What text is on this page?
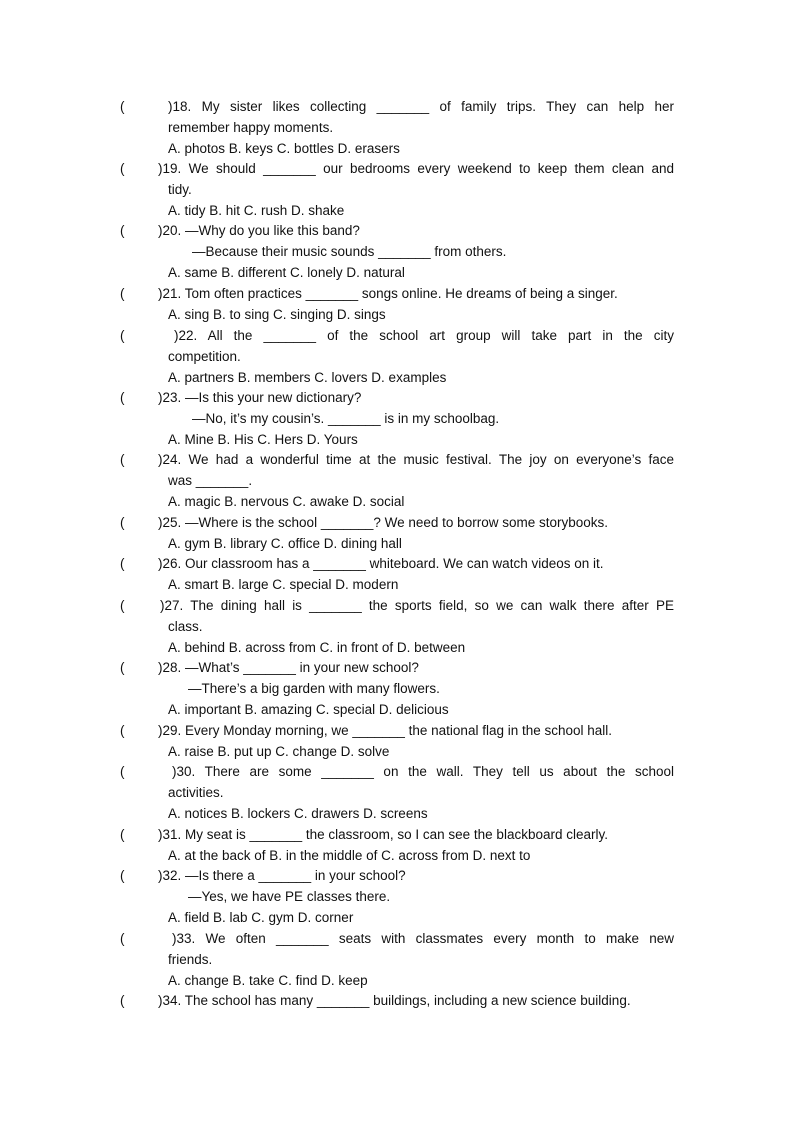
(	)18. My sister likes collecting _______ of family trips. They can help her
remember happy moments.
A. photos B. keys C. bottles D. erasers
( )19. We should _______ our bedrooms every weekend to keep them clean and
tidy.
A. tidy B. hit C. rush D. shake
( )20. —Why do you like this band?
—Because their music sounds _______ from others.
A. same B. different C. lonely D. natural
( )21. Tom often practices _______ songs online. He dreams of being a singer.
A. sing B. to sing C. singing D. sings
(	)22. All the _______ of the school art group will take part in the city
competition.
A. partners B. members C. lovers D. examples
( )23. —Is this your new dictionary?
—No, it’s my cousin’s. _______ is in my schoolbag.
A. Mine B. His C. Hers D. Yours
( )24. We had a wonderful time at the music festival. The joy on everyone’s face
was _______.
A. magic B. nervous C. awake D. social
( )25. —Where is the school _______? We need to borrow some storybooks.
A. gym B. library C. office D. dining hall
( )26. Our classroom has a _______ whiteboard. We can watch videos on it.
A. smart B. large C. special D. modern
(	)27. The dining hall is _______ the sports field, so we can walk there after PE
class.
A. behind B. across from C. in front of D. between
( )28. —What’s _______ in your new school?
—There’s a big garden with many flowers.
A. important B. amazing C. special D. delicious
( )29. Every Monday morning, we _______ the national flag in the school hall.
A. raise B. put up C. change D. solve
(	)30. There are some _______ on the wall. They tell us about the school
activities.
A. notices B. lockers C. drawers D. screens
( )31. My seat is _______ the classroom, so I can see the blackboard clearly.
A. at the back of B. in the middle of C. across from D. next to
( )32. —Is there a _______ in your school?
—Yes, we have PE classes there.
A. field B. lab C. gym D. corner
(	)33. We often _______ seats with classmates every month to make new
friends.
A. change B. take C. find D. keep
( )34. The school has many _______ buildings, including a new science building.
